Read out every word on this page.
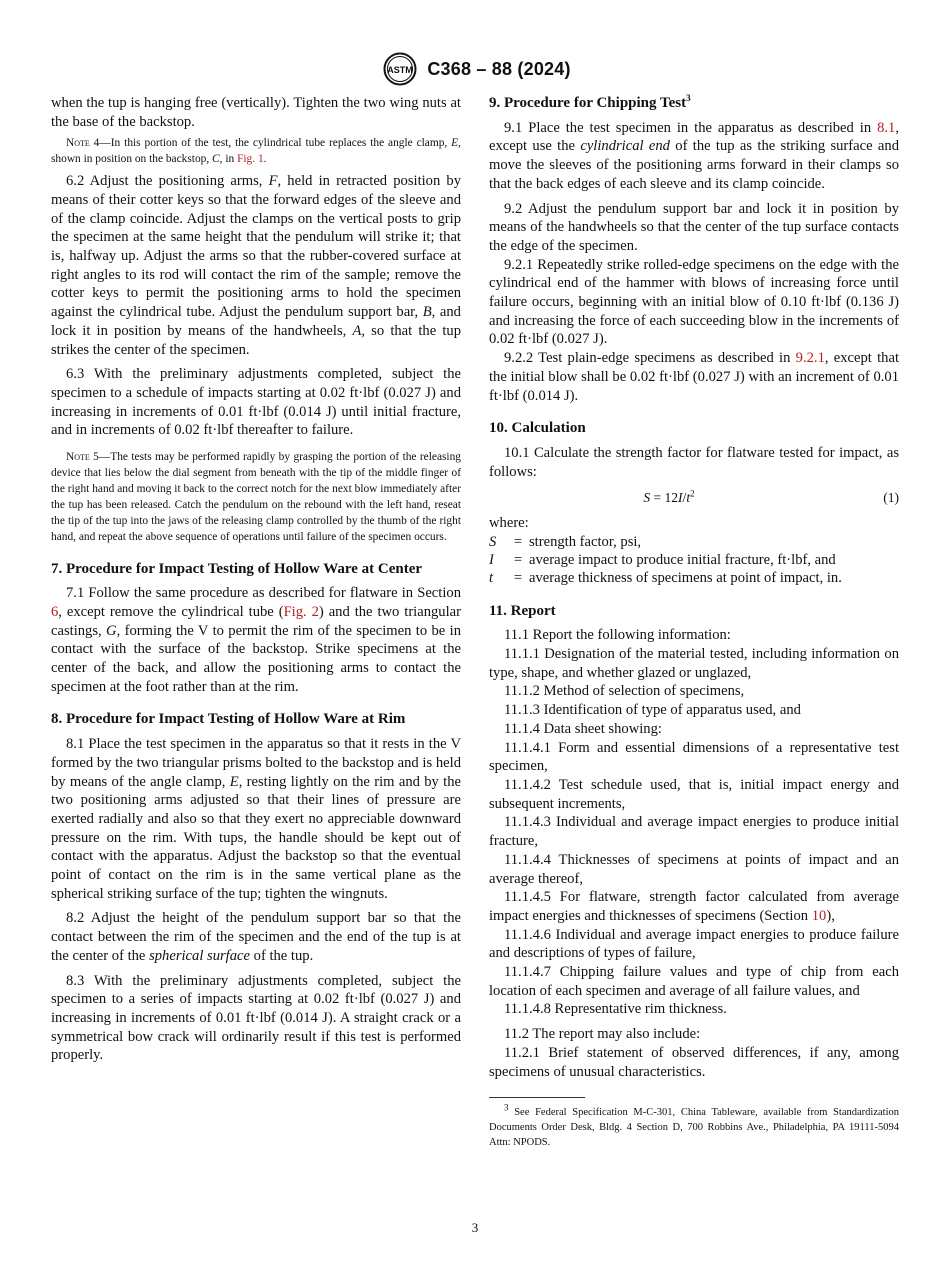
ASTM C368 – 88 (2024)

when the tup is hanging free (vertically). Tighten the two wing nuts at the base of the backstop.

Note 4—In this portion of the test, the cylindrical tube replaces the angle clamp, E, shown in position on the backstop, C, in Fig. 1.

6.2 Adjust the positioning arms, F, held in retracted position by means of their cotter keys so that the forward edges of the sleeve and of the clamp coincide. Adjust the clamps on the vertical posts to grip the specimen at the same height that the pendulum will strike it; that is, halfway up. Adjust the arms so that the rubber-covered surface at right angles to its rod will contact the rim of the sample; remove the cotter keys to permit the positioning arms to hold the specimen against the cylindrical tube. Adjust the pendulum support bar, B, and lock it in position by means of the handwheels, A, so that the tup strikes the center of the specimen.

6.3 With the preliminary adjustments completed, subject the specimen to a schedule of impacts starting at 0.02 ft·lbf (0.027 J) and increasing in increments of 0.01 ft·lbf (0.014 J) until initial fracture, and in increments of 0.02 ft·lbf thereafter to failure.

Note 5—The tests may be performed rapidly by grasping the portion of the releasing device that lies below the dial segment from beneath with the tip of the middle finger of the right hand and moving it back to the correct notch for the next blow immediately after the tup has been released. Catch the pendulum on the rebound with the left hand, reseat the tip of the tup into the jaws of the releasing clamp controlled by the thumb of the right hand, and repeat the above sequence of operations until failure of the specimen occurs.

7. Procedure for Impact Testing of Hollow Ware at Center

7.1 Follow the same procedure as described for flatware in Section 6, except remove the cylindrical tube (Fig. 2) and the two triangular castings, G, forming the V to permit the rim of the specimen to be in contact with the surface of the backstop. Strike specimens at the center of the back, and allow the positioning arms to contact the specimen at the foot rather than at the rim.

8. Procedure for Impact Testing of Hollow Ware at Rim

8.1 Place the test specimen in the apparatus so that it rests in the V formed by the two triangular prisms bolted to the backstop and is held by means of the angle clamp, E, resting lightly on the rim and by the two positioning arms adjusted so that their lines of pressure are exerted radially and also so that they exert no appreciable downward pressure on the rim. With tups, the handle should be kept out of contact with the apparatus. Adjust the backstop so that the eventual point of contact on the rim is in the same vertical plane as the spherical striking surface of the tup; tighten the wingnuts.

8.2 Adjust the height of the pendulum support bar so that the contact between the rim of the specimen and the end of the tup is at the center of the spherical surface of the tup.

8.3 With the preliminary adjustments completed, subject the specimen to a series of impacts starting at 0.02 ft·lbf (0.027 J) and increasing in increments of 0.01 ft·lbf (0.014 J). A straight crack or a symmetrical bow crack will ordinarily result if this test is performed properly.

9. Procedure for Chipping Test$^3$

9.1 Place the test specimen in the apparatus as described in 8.1, except use the cylindrical end of the tup as the striking surface and move the sleeves of the positioning arms forward in their clamps so that the back edges of each sleeve and its clamp coincide.

9.2 Adjust the pendulum support bar and lock it in position by means of the handwheels so that the center of the tup surface contacts the edge of the specimen.

9.2.1 Repeatedly strike rolled-edge specimens on the edge with the cylindrical end of the hammer with blows of increasing force until failure occurs, beginning with an initial blow of 0.10 ft·lbf (0.136 J) and increasing the force of each succeeding blow in the increments of 0.02 ft·lbf (0.027 J).

9.2.2 Test plain-edge specimens as described in 9.2.1, except that the initial blow shall be 0.02 ft·lbf (0.027 J) with an increment of 0.01 ft·lbf (0.014 J).

10. Calculation

10.1 Calculate the strength factor for flatware tested for impact, as follows:

$S = 12I/t^2$	(1)

where:

S	= strength factor, psi,
I	= average impact to produce initial fracture, ft·lbf, and
t	= average thickness of specimens at point of impact, in.
11. Report

11.1 Report the following information:

11.1.1 Designation of the material tested, including information on type, shape, and whether glazed or unglazed,

11.1.2 Method of selection of specimens,

11.1.3 Identification of type of apparatus used, and

11.1.4 Data sheet showing:

11.1.4.1 Form and essential dimensions of a representative test specimen,

11.1.4.2 Test schedule used, that is, initial impact energy and subsequent increments,

11.1.4.3 Individual and average impact energies to produce initial fracture,

11.1.4.4 Thicknesses of specimens at points of impact and an average thereof,

11.1.4.5 For flatware, strength factor calculated from average impact energies and thicknesses of specimens (Section 10),

11.1.4.6 Individual and average impact energies to produce failure and descriptions of types of failure,

11.1.4.7 Chipping failure values and type of chip from each location of each specimen and average of all failure values, and

11.1.4.8 Representative rim thickness.

11.2 The report may also include:

11.2.1 Brief statement of observed differences, if any, among specimens of unusual characteristics.

$^3$ See Federal Specification M-C-301, China Tableware, available from Standardization Documents Order Desk, Bldg. 4 Section D, 700 Robbins Ave., Philadelphia, PA 19111-5094 Attn: NPODS.

3
